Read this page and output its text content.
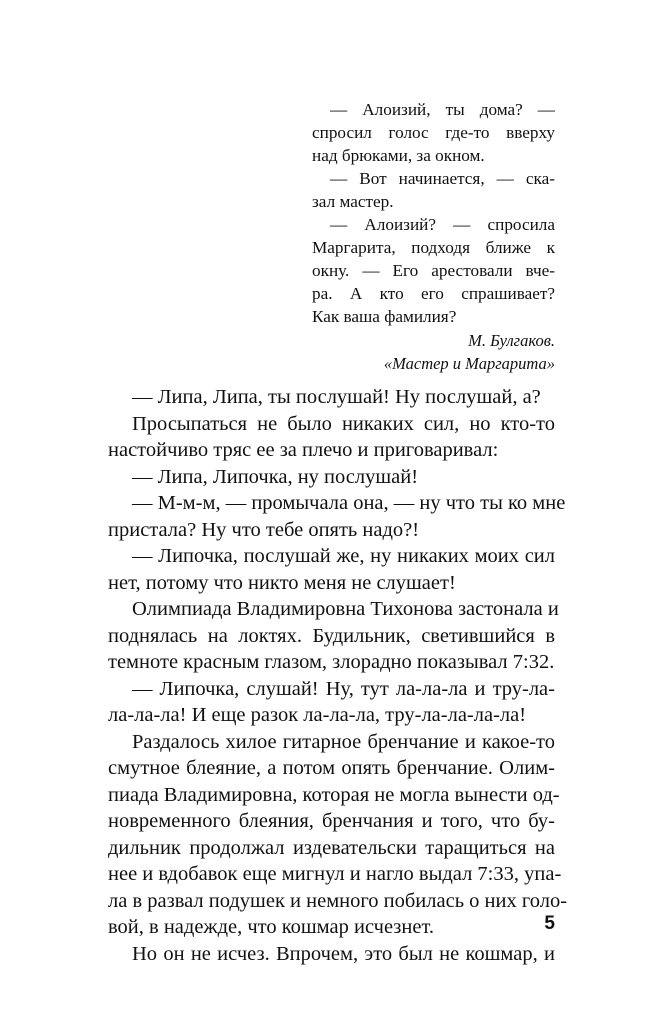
— Алоизий, ты дома? —
спросил голос где-то вверху
над брюками, за окном.
— Вот начинается, — ска-
зал мастер.
— Алоизий? — спросила
Маргарита, подходя ближе к
окну. — Его арестовали вче-
ра. А кто его спрашивает?
Как ваша фамилия?
М. Булгаков.
«Мастер и Маргарита»
— Липа, Липа, ты послушай! Ну послушай, а?
Просыпаться не было никаких сил, но кто-то
настойчиво тряс ее за плечо и приговаривал:
— Липа, Липочка, ну послушай!
— М-м-м, — промычала она, — ну что ты ко мне
пристала? Ну что тебе опять надо?!
— Липочка, послушай же, ну никаких моих сил
нет, потому что никто меня не слушает!
Олимпиада Владимировна Тихонова застонала и
поднялась на локтях. Будильник, светившийся в
темноте красным глазом, злорадно показывал 7:32.
— Липочка, слушай! Ну, тут ла-ла-ла и тру-ла-
ла-ла-ла! И еще разок ла-ла-ла, тру-ла-ла-ла-ла!
Раздалось хилое гитарное бренчание и какое-то
смутное блеяние, а потом опять бренчание. Олим-
пиада Владимировна, которая не могла вынести од-
новременного блеяния, бренчания и того, что бу-
дильник продолжал издевательски таращиться на
нее и вдобавок еще мигнул и нагло выдал 7:33, упа-
ла в развал подушек и немного побилась о них голо-
вой, в надежде, что кошмар исчезнет.
Но он не исчез. Впрочем, это был не кошмар, и
5
